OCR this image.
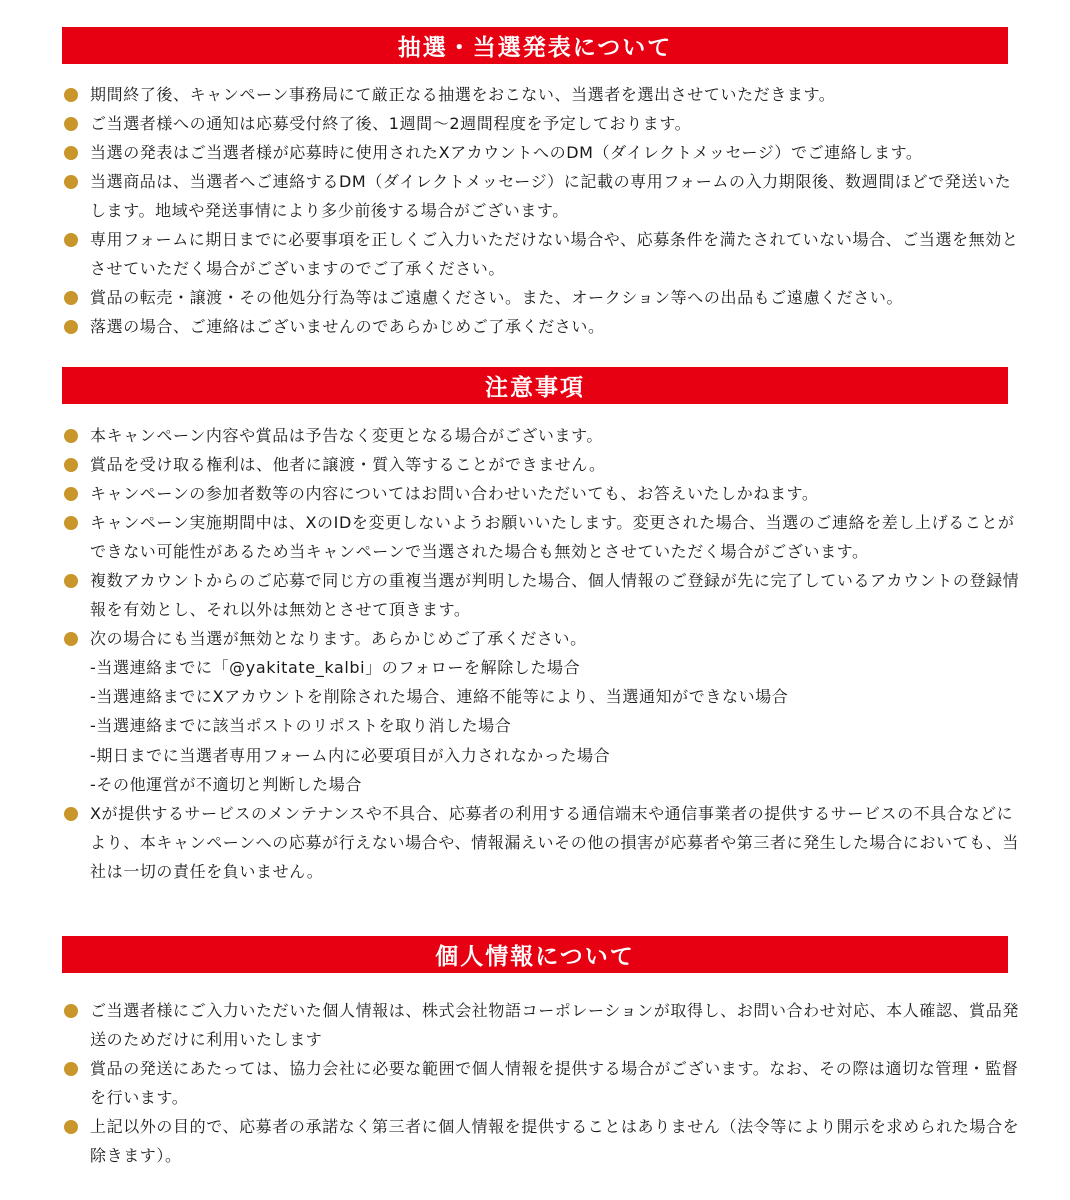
抽選・当選発表について
期間終了後、キャンペーン事務局にて厳正なる抽選をおこない、当選者を選出させていただきます。
ご当選者様への通知は応募受付終了後、1週間〜2週間程度を予定しております。
当選の発表はご当選者様が応募時に使用されたXアカウントへのDM（ダイレクトメッセージ）でご連絡します。
当選商品は、当選者へご連絡するDM（ダイレクトメッセージ）に記載の専用フォームの入力期限後、数週間ほどで発送いたします。地域や発送事情により多少前後する場合がございます。
専用フォームに期日までに必要事項を正しくご入力いただけない場合や、応募条件を満たされていない場合、ご当選を無効とさせていただく場合がございますのでご了承ください。
賞品の転売・譲渡・その他処分行為等はご遠慮ください。また、オークション等への出品もご遠慮ください。
落選の場合、ご連絡はございませんのであらかじめご了承ください。
注意事項
本キャンペーン内容や賞品は予告なく変更となる場合がございます。
賞品を受け取る権利は、他者に譲渡・質入等することができません。
キャンペーンの参加者数等の内容についてはお問い合わせいただいても、お答えいたしかねます。
キャンペーン実施期間中は、XのIDを変更しないようお願いいたします。変更された場合、当選のご連絡を差し上げることができない可能性があるため当キャンペーンで当選された場合も無効とさせていただく場合がございます。
複数アカウントからのご応募で同じ方の重複当選が判明した場合、個人情報のご登録が先に完了しているアカウントの登録情報を有効とし、それ以外は無効とさせて頂きます。
次の場合にも当選が無効となります。あらかじめご了承ください。
-当選連絡までに「@yakitate_kalbi」のフォローを解除した場合
-当選連絡までにXアカウントを削除された場合、連絡不能等により、当選通知ができない場合
-当選連絡までに該当ポストのリポストを取り消した場合
-期日までに当選者専用フォーム内に必要項目が入力されなかった場合
-その他運営が不適切と判断した場合
Xが提供するサービスのメンテナンスや不具合、応募者の利用する通信端末や通信事業者の提供するサービスの不具合などにより、本キャンペーンへの応募が行えない場合や、情報漏えいその他の損害が応募者や第三者に発生した場合においても、当社は一切の責任を負いません。
個人情報について
ご当選者様にご入力いただいた個人情報は、株式会社物語コーポレーションが取得し、お問い合わせ対応、本人確認、賞品発送のためだけに利用いたします
賞品の発送にあたっては、協力会社に必要な範囲で個人情報を提供する場合がございます。なお、その際は適切な管理・監督を行います。
上記以外の目的で、応募者の承諾なく第三者に個人情報を提供することはありません（法令等により開示を求められた場合を除きます）。
